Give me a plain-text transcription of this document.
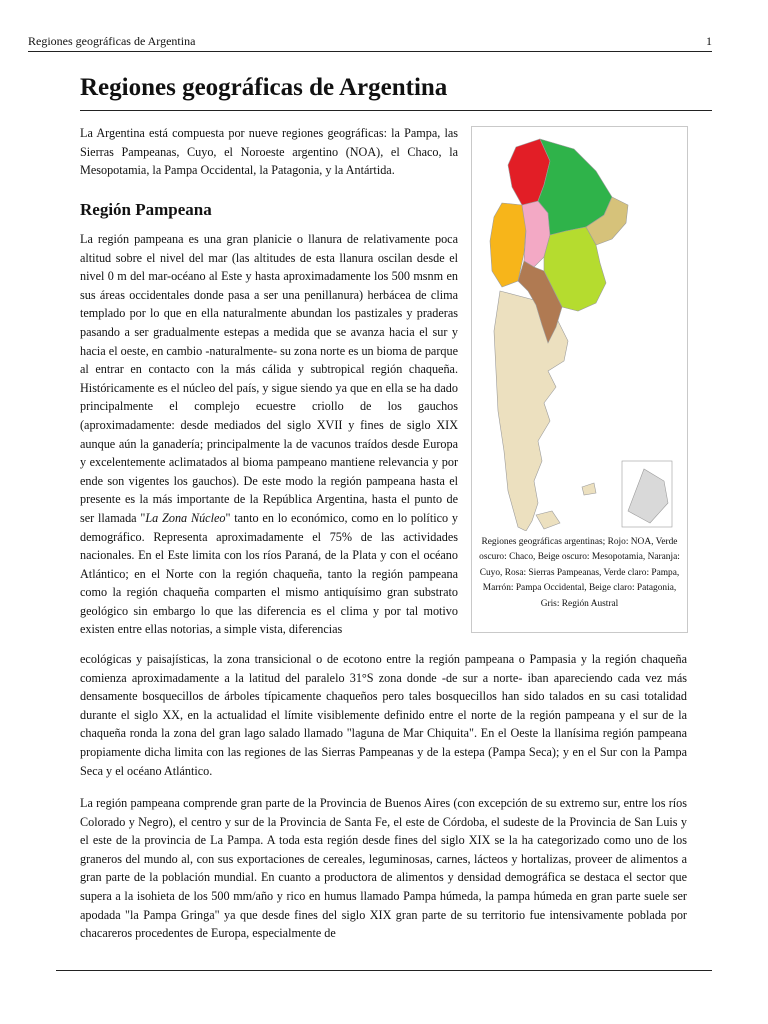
Regiones geográficas de Argentina	1
Regiones geográficas de Argentina

La Argentina está compuesta por nueve regiones geográficas: la Pampa, las Sierras Pampeanas, Cuyo, el Noroeste argentino (NOA), el Chaco, la Mesopotamia, la Pampa Occidental, la Patagonia, y la Antártida.

Región Pampeana

La región pampeana es una gran planicie o llanura de relativamente poca altitud sobre el nivel del mar (las altitudes de esta llanura oscilan desde el nivel 0 m del mar-océano al Este y hasta aproximadamente los 500 msnm en sus áreas occidentales donde pasa a ser una penillanura) herbácea de clima templado por lo que en ella naturalmente abundan los pastizales y praderas pasando a ser gradualmente estepas a medida que se avanza hacia el sur y hacia el oeste, en cambio -naturalmente- su zona norte es un bioma de parque al entrar en contacto con la más cálida y subtropical región chaqueña. Históricamente es el núcleo del país, y sigue siendo ya que en ella se ha dado principalmente el complejo ecuestre criollo de los gauchos (aproximadamente: desde mediados del siglo XVII y fines de siglo XIX aunque aún la ganadería; principalmente la de vacunos traídos desde Europa y excelentemente aclimatados al bioma pampeano mantiene relevancia y por ende son vigentes los gauchos). De este modo la región pampeana hasta el presente es la más importante de la República Argentina, hasta el punto de ser llamada "La Zona Núcleo" tanto en lo económico, como en lo político y demográfico. Representa aproximadamente el 75% de las actividades nacionales. En el Este limita con los ríos Paraná, de la Plata y con el océano Atlántico; en el Norte con la región chaqueña, tanto la región pampeana como la región chaqueña comparten el mismo antiquísimo gran substrato geológico sin embargo lo que las diferencia es el clima y por tal motivo existen entre ellas notorias, a simple vista, diferencias

ecológicas y paisajísticas, la zona transicional o de ecotono entre la región pampeana o Pampasia y la región chaqueña comienza aproximadamente a la latitud del paralelo 31°S zona donde -de sur a norte- iban apareciendo cada vez más densamente bosquecillos de árboles típicamente chaqueños pero tales bosquecillos han sido talados en su casi totalidad durante el siglo XX, en la actualidad el límite visiblemente definido entre el norte de la región pampeana y el sur de la chaqueña ronda la zona del gran lago salado llamado "laguna de Mar Chiquita". En el Oeste la llanísima región pampeana propiamente dicha limita con las regiones de las Sierras Pampeanas y de la estepa (Pampa Seca); y en el Sur con la Pampa Seca y el océano Atlántico.

La región pampeana comprende gran parte de la Provincia de Buenos Aires (con excepción de su extremo sur, entre los ríos Colorado y Negro), el centro y sur de la Provincia de Santa Fe, el este de Córdoba, el sudeste de la Provincia de San Luis y el este de la provincia de La Pampa. A toda esta región desde fines del siglo XIX se la ha categorizado como uno de los graneros del mundo al, con sus exportaciones de cereales, leguminosas, carnes, lácteos y hortalizas, proveer de alimentos a gran parte de la población mundial. En cuanto a productora de alimentos y densidad demográfica se destaca el sector que supera a la isohieta de los 500 mm/año y rico en humus llamado Pampa húmeda, la pampa húmeda en gran parte suele ser apodada "la Pampa Gringa" ya que desde fines del siglo XIX gran parte de su territorio fue intensivamente poblada por chacareros procedentes de Europa, especialmente de

Regiones geográficas argentinas; Rojo: NOA, Verde oscuro: Chaco, Beige oscuro: Mesopotamia, Naranja: Cuyo, Rosa: Sierras Pampeanas, Verde claro: Pampa, Marrón: Pampa Occidental, Beige claro: Patagonia, Gris: Región Austral
